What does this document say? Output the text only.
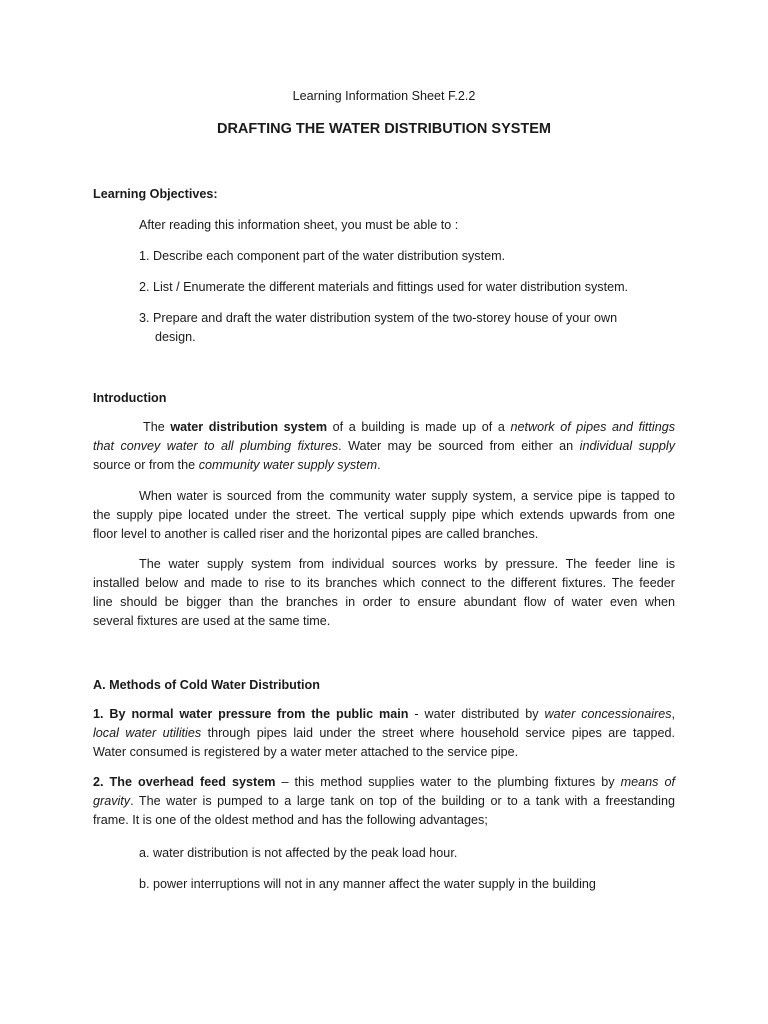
Learning Information Sheet F.2.2
DRAFTING THE WATER DISTRIBUTION SYSTEM
Learning Objectives:
After reading this information sheet, you must be able to :
1. Describe each component part of the water distribution system.
2. List / Enumerate the different materials and fittings used for water distribution system.
3. Prepare and draft the water distribution system of the two-storey house of your own
design.
Introduction
The water distribution system of a building is made up of a network of pipes and fittings
that convey water to all plumbing fixtures. Water may be sourced from either an individual supply
source or from the community water supply system.
When water is sourced from the community water supply system, a service pipe is tapped to
the supply pipe located under the street. The vertical supply pipe which extends upwards from one
floor level to another is called riser and the horizontal pipes are called branches.
The water supply system from individual sources works by pressure. The feeder line is
installed below and made to rise to its branches which connect to the different fixtures. The feeder
line should be bigger than the branches in order to ensure abundant flow of water even when
several fixtures are used at the same time.
A. Methods of Cold Water Distribution
1. By normal water pressure from the public main - water distributed by water concessionaires,
local water utilities through pipes laid under the street where household service pipes are tapped.
Water consumed is registered by a water meter attached to the service pipe.
2. The overhead feed system – this method supplies water to the plumbing fixtures by means of
gravity. The water is pumped to a large tank on top of the building or to a tank with a freestanding
frame. It is one of the oldest method and has the following advantages;
a. water distribution is not affected by the peak load hour.
b. power interruptions will not in any manner affect the water supply in the building
